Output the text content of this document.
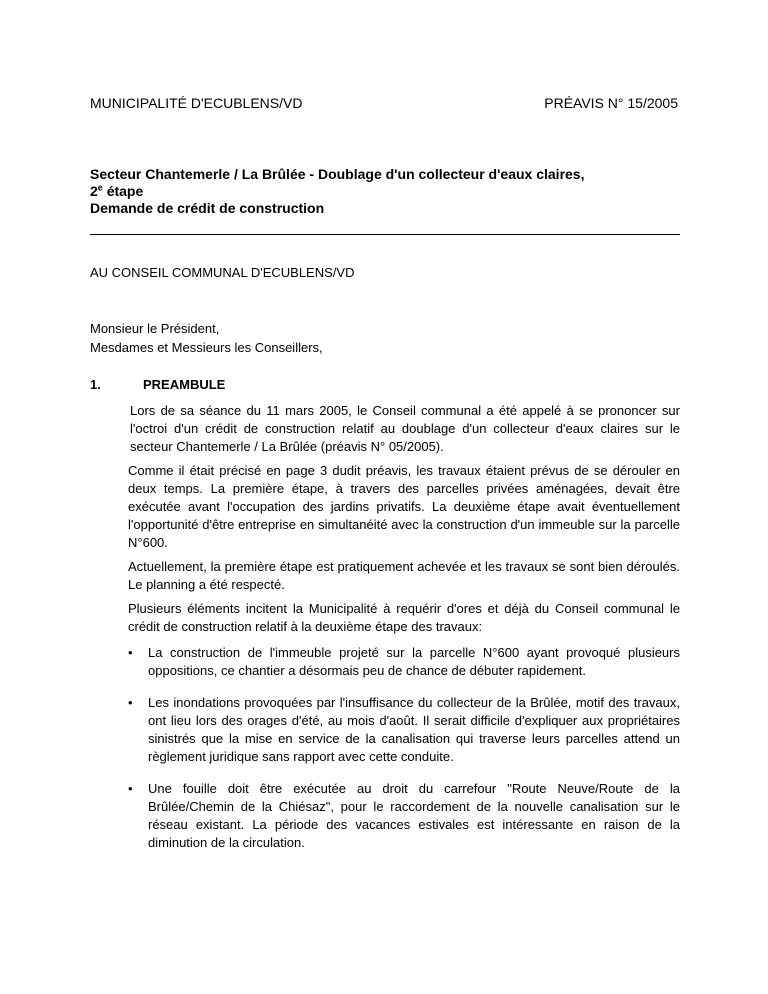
MUNICIPALITÉ D'ECUBLENS/VD	PRÉAVIS N° 15/2005
Secteur Chantemerle / La Brûlée - Doublage d'un collecteur d'eaux claires,
2e étape
Demande de crédit de construction
AU CONSEIL COMMUNAL D'ECUBLENS/VD
Monsieur le Président,
Mesdames et Messieurs les Conseillers,
1.	PREAMBULE

Lors de sa séance du 11 mars 2005, le Conseil communal a été appelé à se prononcer sur l'octroi d'un crédit de construction relatif au doublage d'un collecteur d'eaux claires sur le secteur Chantemerle / La Brûlée (préavis N° 05/2005).

Comme il était précisé en page 3 dudit préavis, les travaux étaient prévus de se dérouler en deux temps. La première étape, à travers des parcelles privées aménagées, devait être exécutée avant l'occupation des jardins privatifs. La deuxième étape avait éventuellement l'opportunité d'être entreprise en simultanéité avec la construction d'un immeuble sur la parcelle N°600.

Actuellement, la première étape est pratiquement achevée et les travaux se sont bien déroulés. Le planning a été respecté.

Plusieurs éléments incitent la Municipalité à requérir d'ores et déjà du Conseil communal le crédit de construction relatif à la deuxième étape des travaux:

• La construction de l'immeuble projeté sur la parcelle N°600 ayant provoqué plusieurs oppositions, ce chantier a désormais peu de chance de débuter rapidement.
• Les inondations provoquées par l'insuffisance du collecteur de la Brûlée, motif des travaux, ont lieu lors des orages d'été, au mois d'août. Il serait difficile d'expliquer aux propriétaires sinistrés que la mise en service de la canalisation qui traverse leurs parcelles attend un règlement juridique sans rapport avec cette conduite.
• Une fouille doit être exécutée au droit du carrefour "Route Neuve/Route de la Brûlée/Chemin de la Chiésaz", pour le raccordement de la nouvelle canalisation sur le réseau existant. La période des vacances estivales est intéressante en raison de la diminution de la circulation.
